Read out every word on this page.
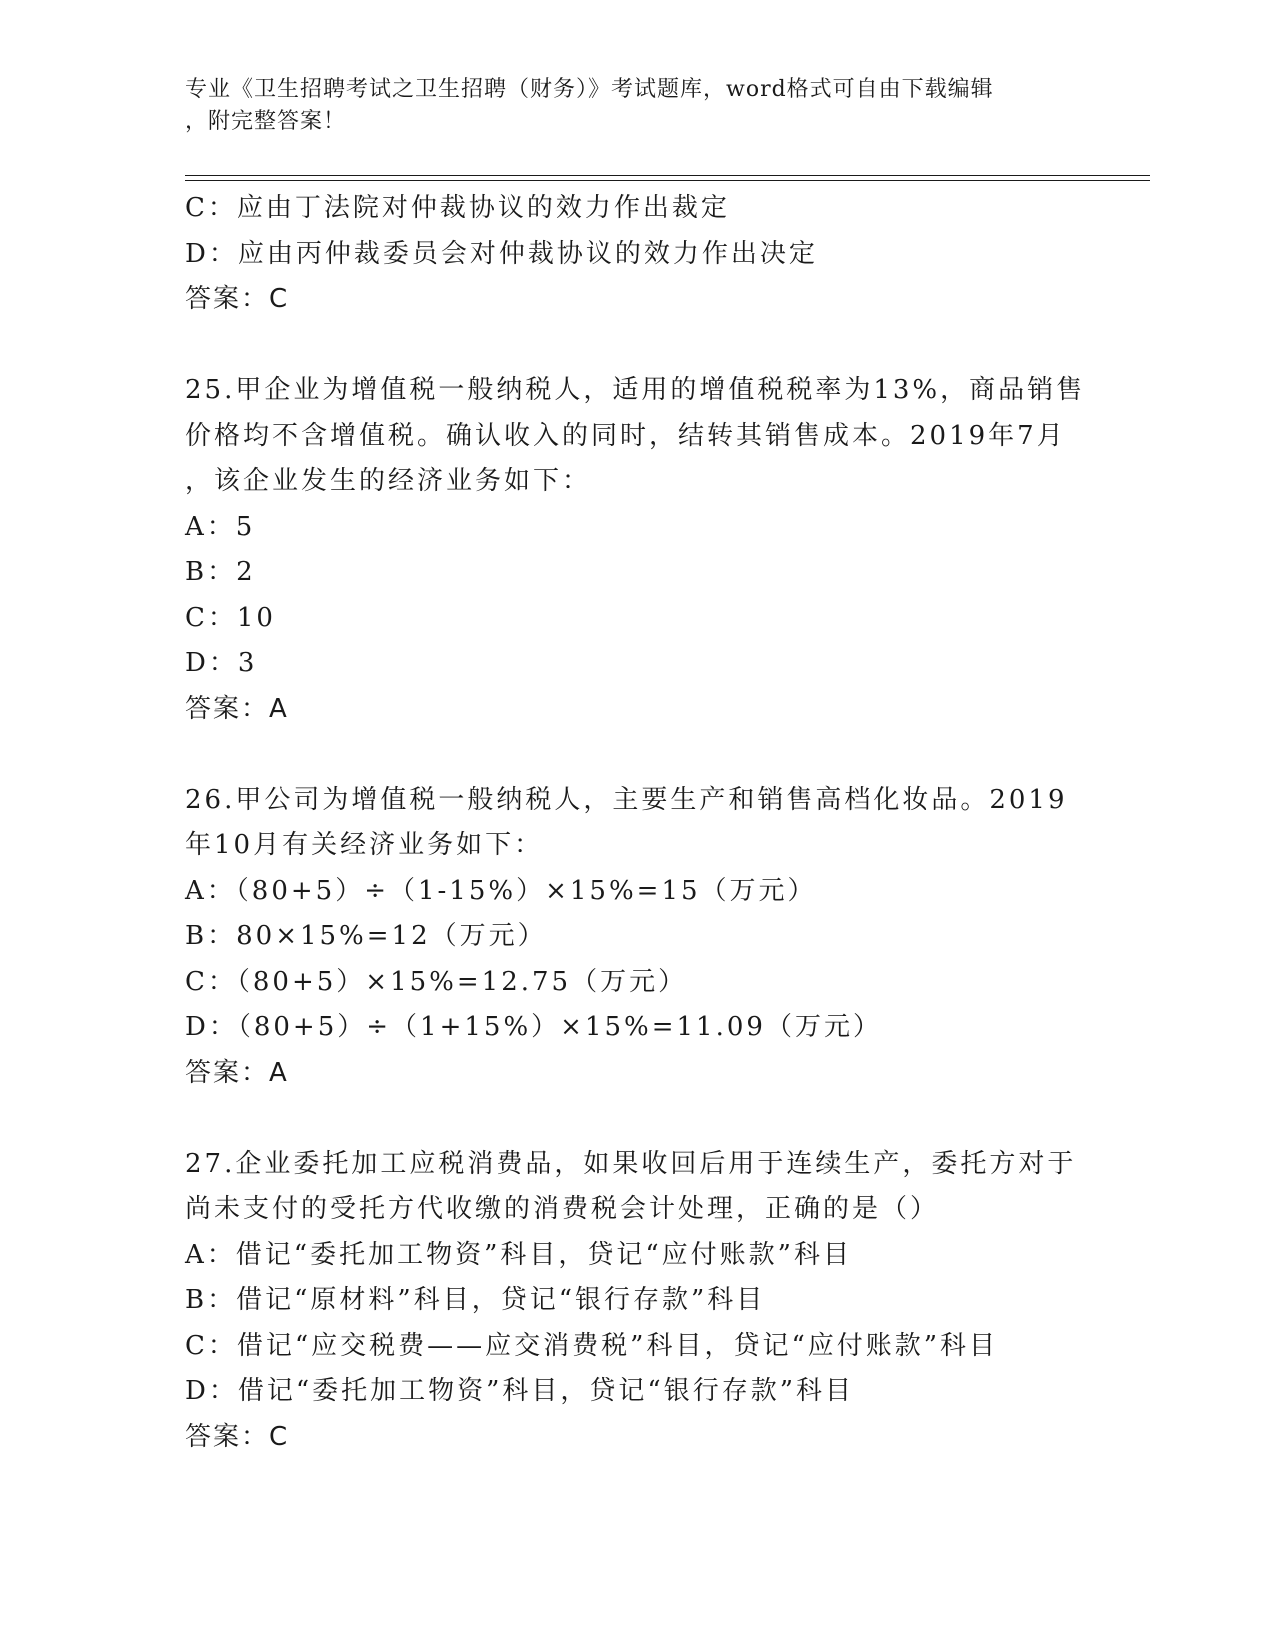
专业《卫生招聘考试之卫生招聘（财务）》考试题库，word格式可自由下载编辑
，附完整答案！
C：应由丁法院对仲裁协议的效力作出裁定
D：应由丙仲裁委员会对仲裁协议的效力作出决定
答案：C
25.甲企业为增值税一般纳税人，适用的增值税税率为13%，商品销售
价格均不含增值税。确认收入的同时，结转其销售成本。2019年7月
，该企业发生的经济业务如下：
A：5
B：2
C：10
D：3
答案：A
26.甲公司为增值税一般纳税人，主要生产和销售高档化妆品。2019
年10月有关经济业务如下：
A：（80+5）÷（1-15%）×15%=15（万元）
B：80×15%=12（万元）
C：（80+5）×15%=12.75（万元）
D：（80+5）÷（1+15%）×15%=11.09（万元）
答案：A
27.企业委托加工应税消费品，如果收回后用于连续生产，委托方对于
尚未支付的受托方代收缴的消费税会计处理，正确的是（）
A：借记“委托加工物资”科目，贷记“应付账款”科目
B：借记“原材料”科目，贷记“银行存款”科目
C：借记“应交税费——应交消费税”科目，贷记“应付账款”科目
D：借记“委托加工物资”科目，贷记“银行存款”科目
答案：C
